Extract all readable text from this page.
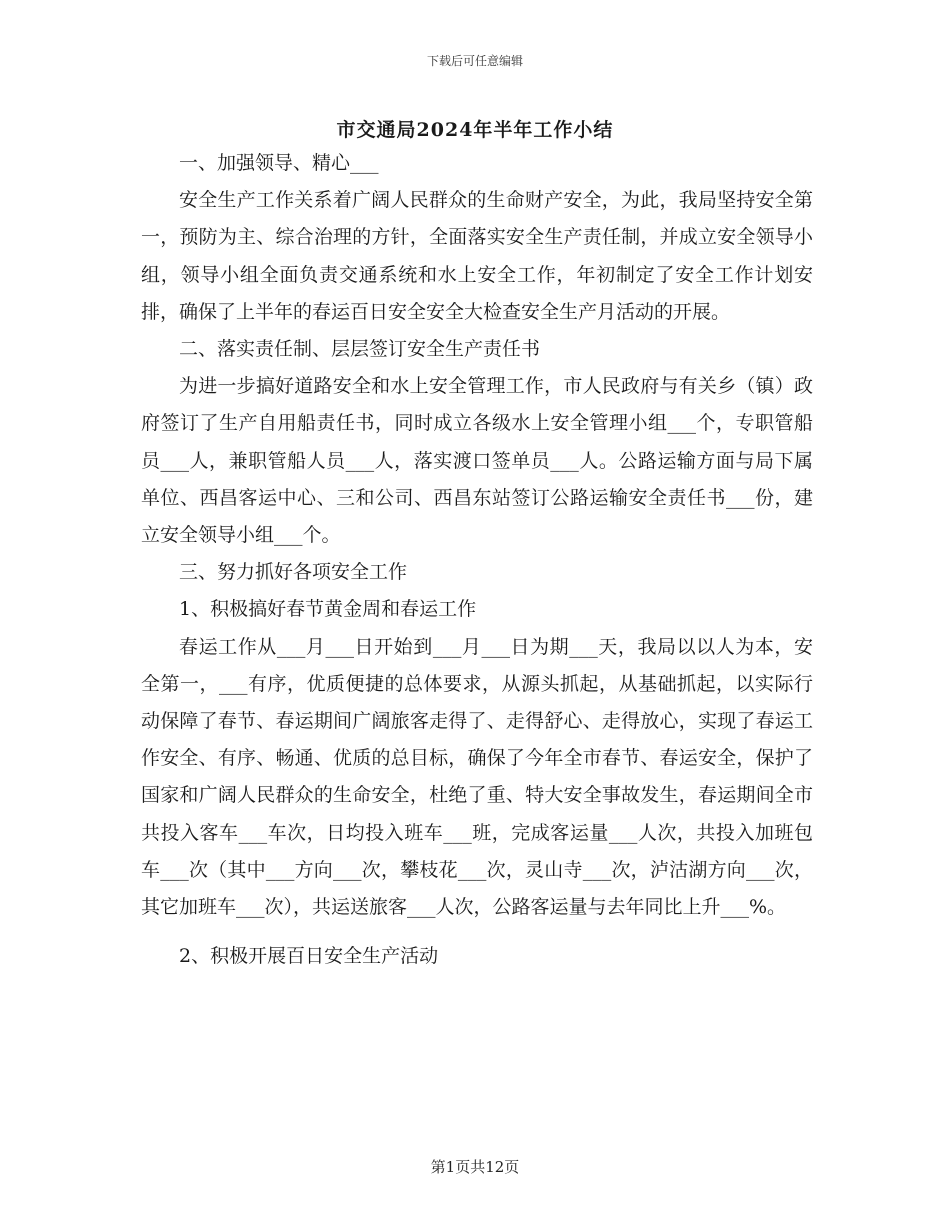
下载后可任意编辑
市交通局2024年半年工作小结

一、加强领导、精心___

安全生产工作关系着广阔人民群众的生命财产安全，为此，我局坚持安全第一，预防为主、综合治理的方针，全面落实安全生产责任制，并成立安全领导小组，领导小组全面负责交通系统和水上安全工作，年初制定了安全工作计划安排，确保了上半年的春运百日安全安全大检查安全生产月活动的开展。

二、落实责任制、层层签订安全生产责任书

为进一步搞好道路安全和水上安全管理工作，市人民政府与有关乡（镇）政府签订了生产自用船责任书，同时成立各级水上安全管理小组___个，专职管船员___人，兼职管船人员___人，落实渡口签单员___人。公路运输方面与局下属单位、西昌客运中心、三和公司、西昌东站签订公路运输安全责任书___份，建立安全领导小组___个。

三、努力抓好各项安全工作

1、积极搞好春节黄金周和春运工作

春运工作从___月___日开始到___月___日为期___天，我局以以人为本，安全第一，___有序，优质便捷的总体要求，从源头抓起，从基础抓起，以实际行动保障了春节、春运期间广阔旅客走得了、走得舒心、走得放心，实现了春运工作安全、有序、畅通、优质的总目标，确保了今年全市春节、春运安全，保护了国家和广阔人民群众的生命安全，杜绝了重、特大安全事故发生，春运期间全市共投入客车___车次，日均投入班车___班，完成客运量___人次，共投入加班包车___次（其中___方向___次，攀枝花___次，灵山寺___次，泸沽湖方向___次，其它加班车___次），共运送旅客___人次，公路客运量与去年同比上升___%。

2、积极开展百日安全生产活动

第1页共12页
